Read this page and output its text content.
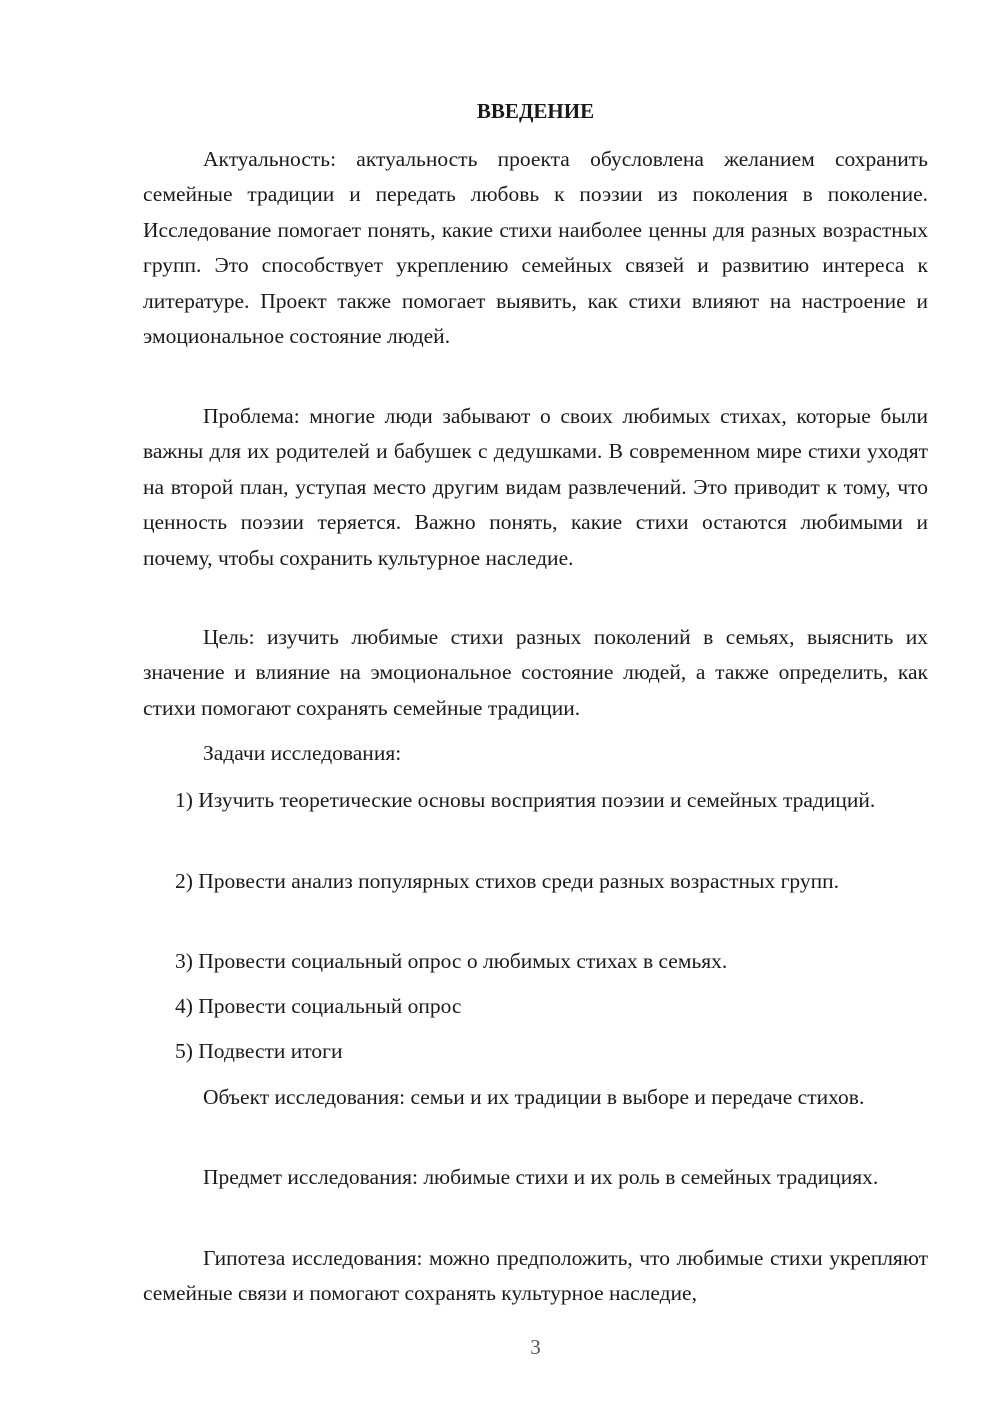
ВВЕДЕНИЕ

Актуальность: актуальность проекта обусловлена желанием сохранить семейные традиции и передать любовь к поэзии из поколения в поколение. Исследование помогает понять, какие стихи наиболее ценны для разных возрастных групп. Это способствует укреплению семейных связей и развитию интереса к литературе. Проект также помогает выявить, как стихи влияют на настроение и эмоциональное состояние людей.

Проблема: многие люди забывают о своих любимых стихах, которые были важны для их родителей и бабушек с дедушками. В современном мире стихи уходят на второй план, уступая место другим видам развлечений. Это приводит к тому, что ценность поэзии теряется. Важно понять, какие стихи остаются любимыми и почему, чтобы сохранить культурное наследие.

Цель: изучить любимые стихи разных поколений в семьях, выяснить их значение и влияние на эмоциональное состояние людей, а также определить, как стихи помогают сохранять семейные традиции.

Задачи исследования:

1) Изучить теоретические основы восприятия поэзии и семейных традиций.

2) Провести анализ популярных стихов среди разных возрастных групп.

3) Провести социальный опрос о любимых стихах в семьях.

4) Провести социальный опрос

5) Подвести итоги

Объект исследования: семьи и их традиции в выборе и передаче стихов.

Предмет исследования: любимые стихи и их роль в семейных традициях.

Гипотеза исследования: можно предположить, что любимые стихи укрепляют семейные связи и помогают сохранять культурное наследие,

3
